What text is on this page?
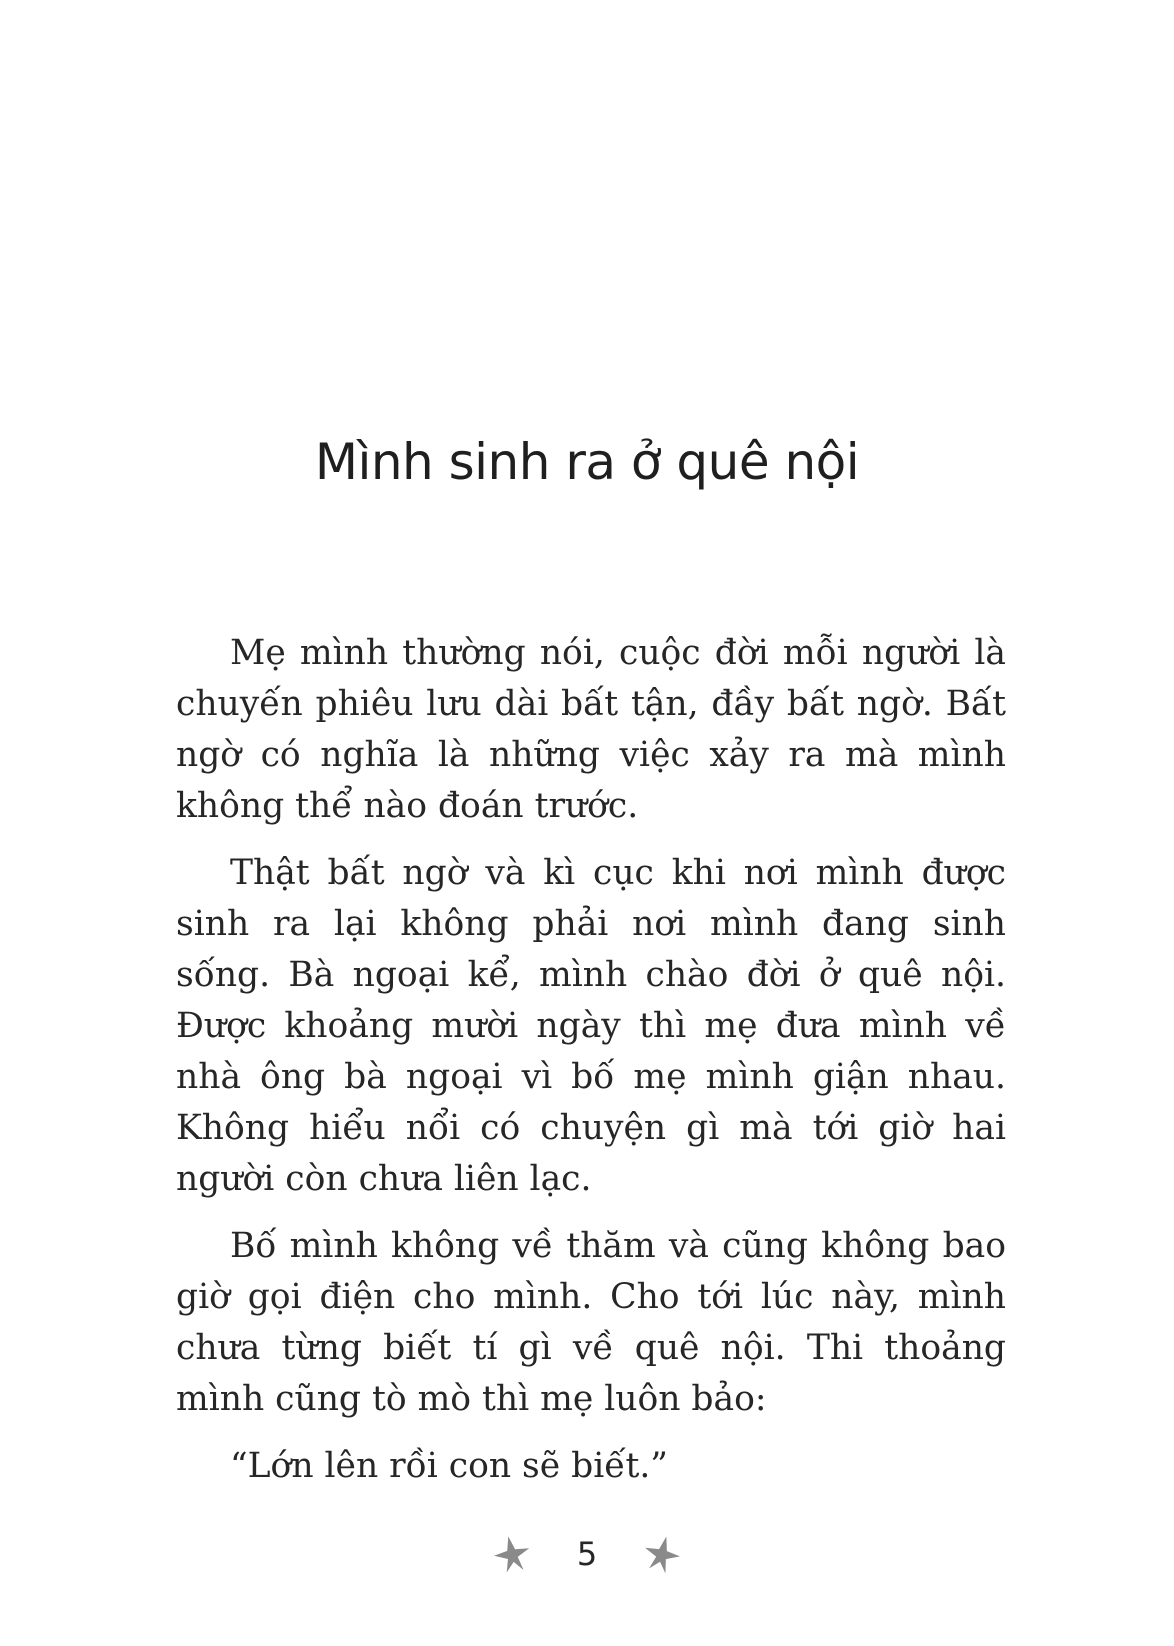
Mình sinh ra ở quê nội

Mẹ mình thường nói, cuộc đời mỗi người là chuyến phiêu lưu dài bất tận, đầy bất ngờ. Bất ngờ có nghĩa là những việc xảy ra mà mình không thể nào đoán trước.

Thật bất ngờ và kì cục khi nơi mình được sinh ra lại không phải nơi mình đang sinh sống. Bà ngoại kể, mình chào đời ở quê nội. Được khoảng mười ngày thì mẹ đưa mình về nhà ông bà ngoại vì bố mẹ mình giận nhau. Không hiểu nổi có chuyện gì mà tới giờ hai người còn chưa liên lạc.

Bố mình không về thăm và cũng không bao giờ gọi điện cho mình. Cho tới lúc này, mình chưa từng biết tí gì về quê nội. Thi thoảng mình cũng tò mò thì mẹ luôn bảo:

“Lớn lên rồi con sẽ biết.”

5
